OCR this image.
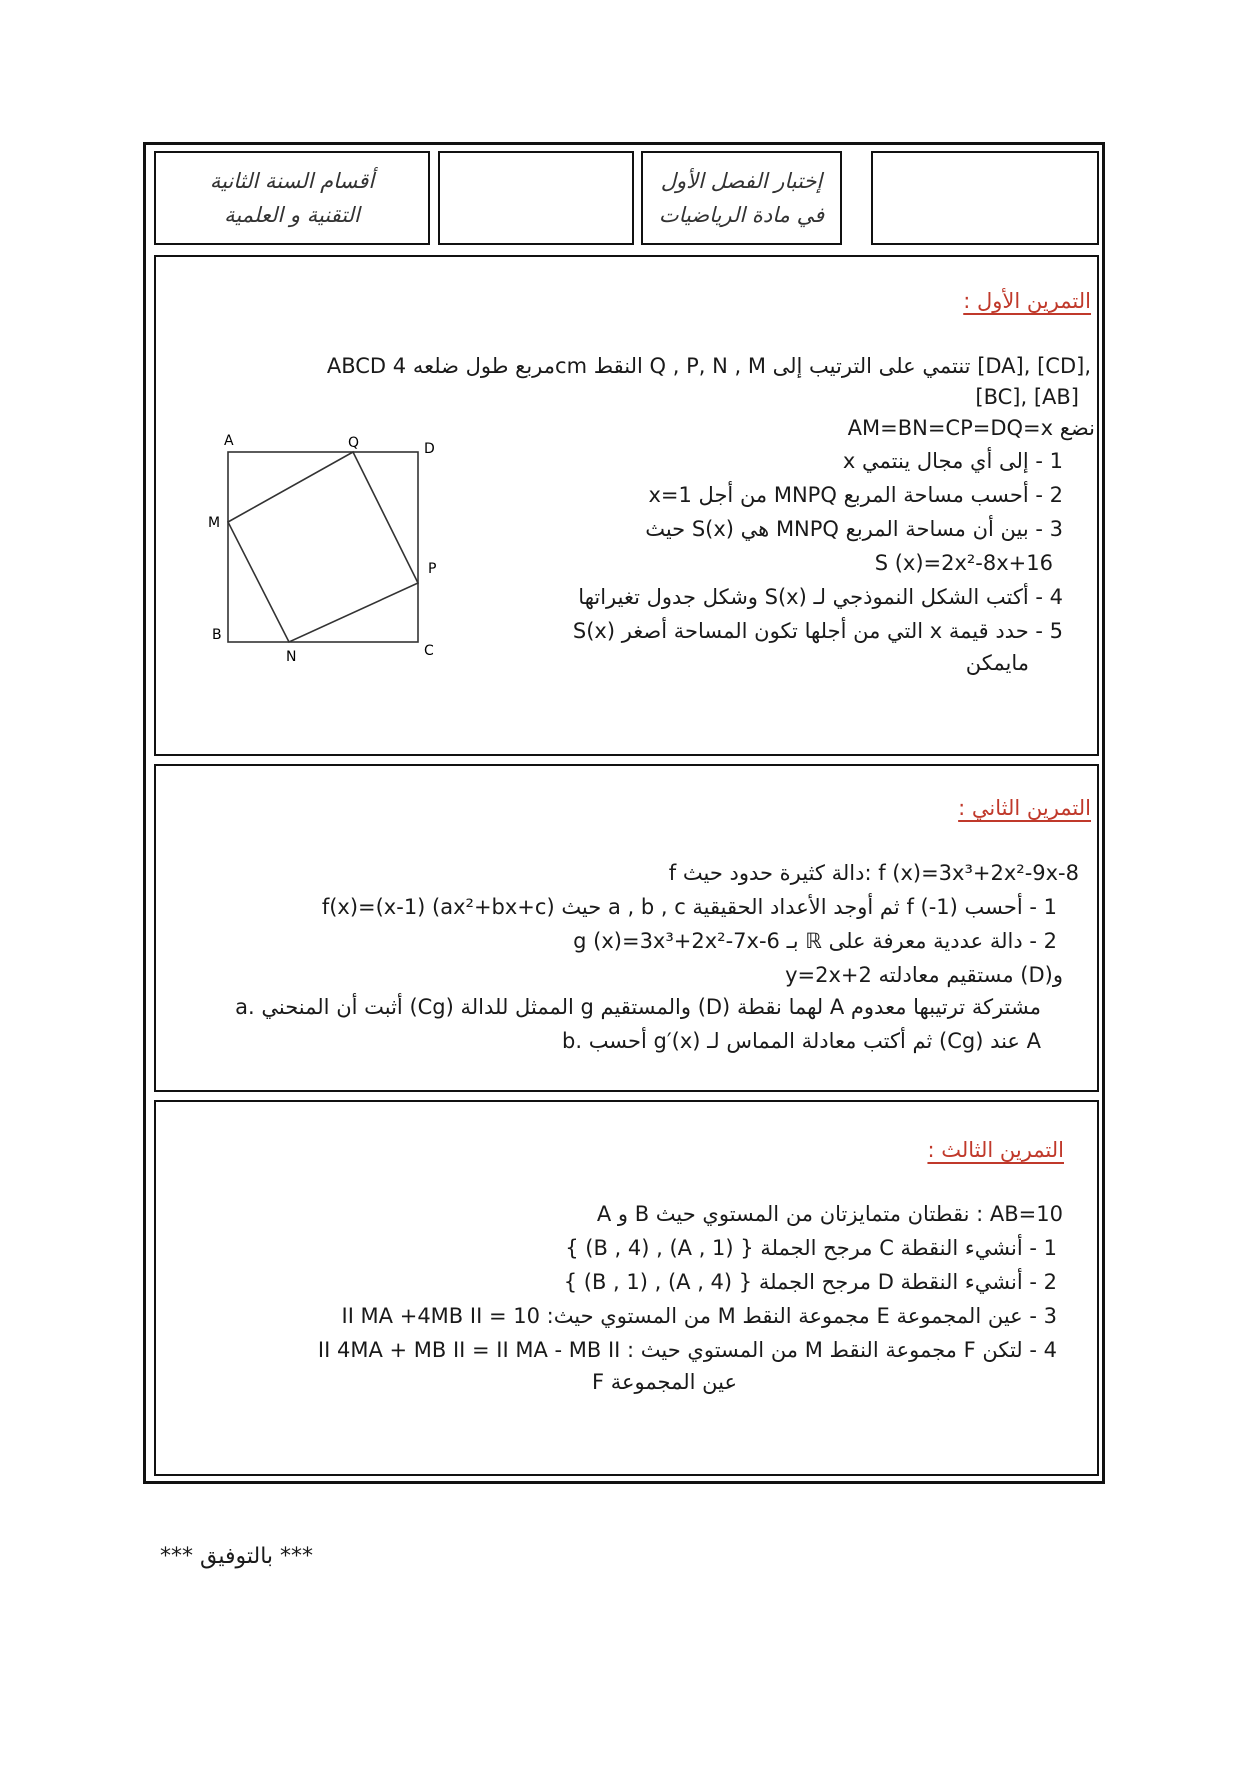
أقسام السنة الثانية
التقنية و العلمية
إختبار الفصل الأول
في مادة الرياضيات
التمرين الأول :
ABCD مربع طول ضلعه 4cm النقط Q , P, N , M تنتمي على الترتيب إلى [DA], [CD],
[BC], [AB]
نضع AM=BN=CP=DQ=x
1 - إلى أي مجال ينتمي x
2 - أحسب مساحة المربع MNPQ من أجل x=1
3 - بين أن مساحة المربع MNPQ هي S(x) حيث
S (x)=2x²-8x+16
4 - أكتب الشكل النموذجي لـ S(x) وشكل جدول تغيراتها
5 - حدد قيمة x التي من أجلها تكون المساحة أصغر S(x)
مايمكن
A	Q	D
M
P
B
N	C
التمرين الثاني :
f دالة كثيرة حدود حيث: f (x)=3x³+2x²-9x-8
1 - أحسب f (-1) ثم أوجد الأعداد الحقيقية a , b , c حيث f(x)=(x-1) (ax²+bx+c)
2 - دالة عددية معرفة على ℝ بـ g (x)=3x³+2x²-7x-6
و(D) مستقيم معادلته y=2x+2
a. أثبت أن المنحني (Cg) الممثل للدالة g والمستقيم (D) لهما نقطة A مشتركة ترتيبها معدوم
b. أحسب g′(x) ثم أكتب معادلة المماس لـ (Cg) عند A
التمرين الثالث :
A و B نقطتان متمايزتان من المستوي حيث : AB=10
1 - أنشيء النقطة C مرجح الجملة { (A , 1) , (B , 4) }
2 - أنشيء النقطة D مرجح الجملة { (A , 4) , (B , 1) }
3 - عين المجموعة E مجموعة النقط M من المستوي حيث: II MA +4MB II = 10
4 - لتكن F مجموعة النقط M من المستوي حيث : II 4MA + MB II = II MA - MB II
عين المجموعة F
*** بالتوفيق ***
